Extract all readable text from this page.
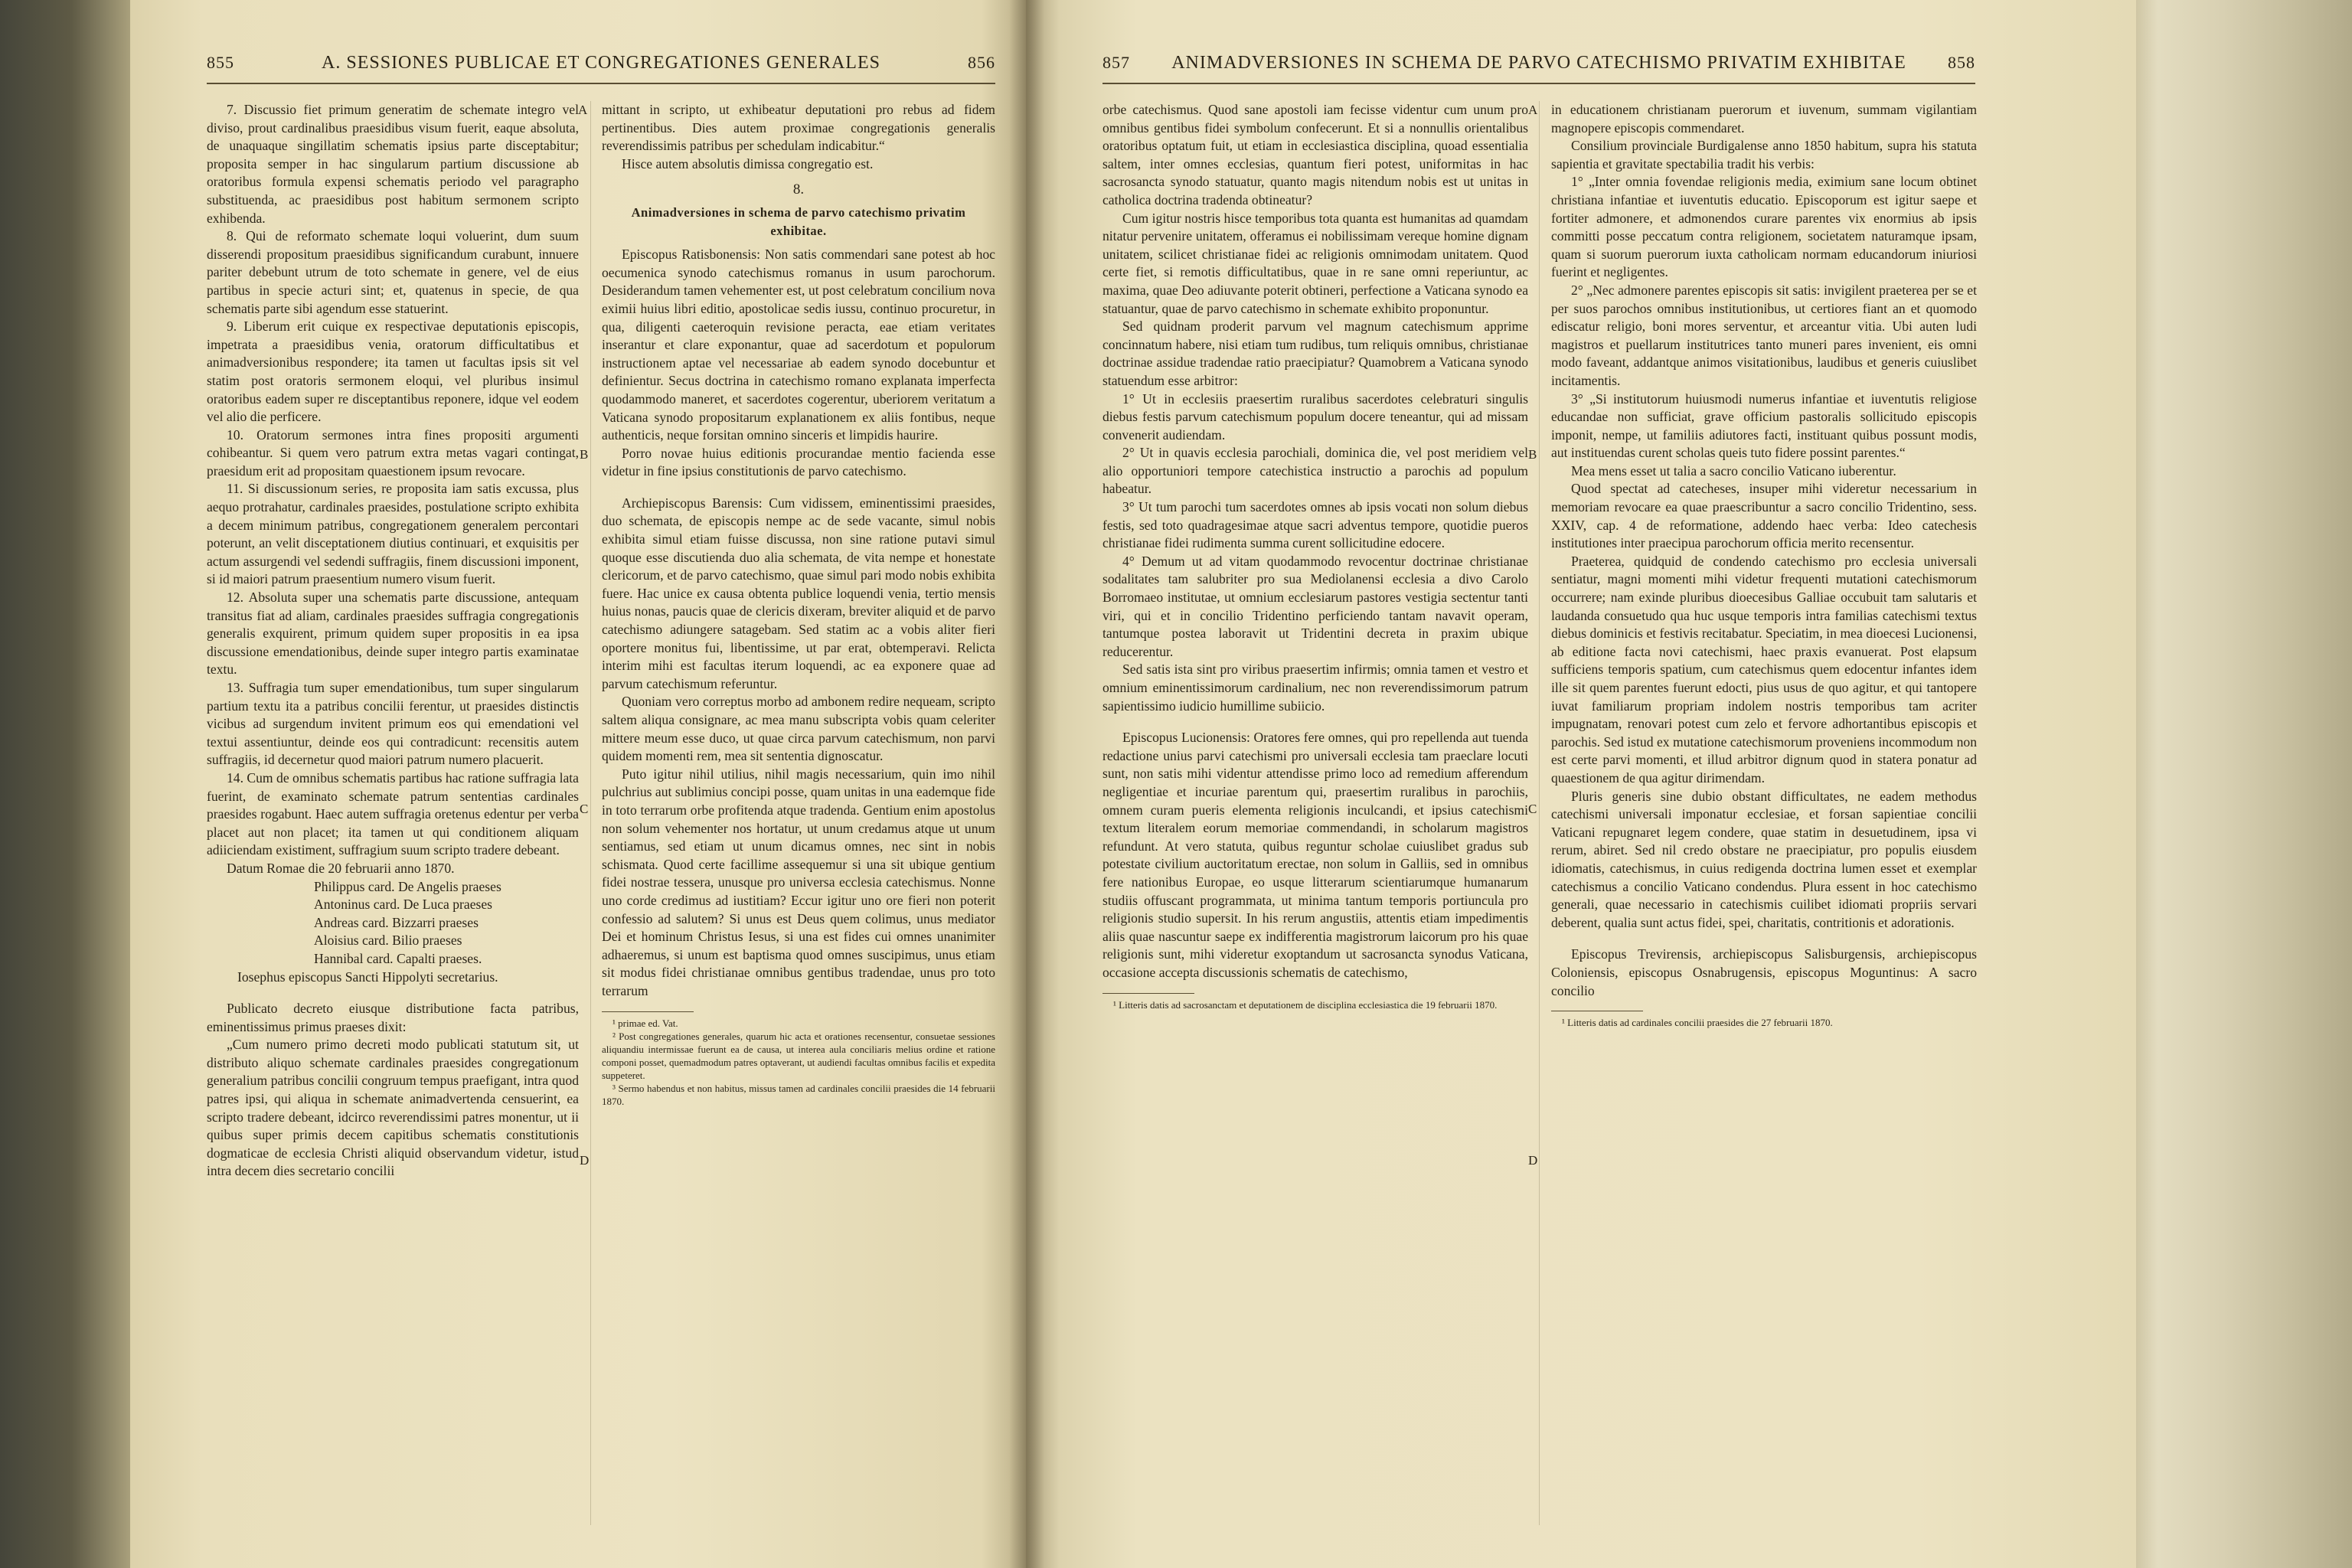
855	A. SESSIONES PUBLICAE ET CONGREGATIONES GENERALES	856

7. Discussio fiet primum generatim de schemate integro vel diviso, prout cardinalibus praesidibus visum fuerit, eaque absoluta, de unaquaque singillatim schematis ipsius parte disceptabitur; proposita semper in hac singularum partium discussione ab oratoribus formula expensi schematis periodo vel paragrapho substituenda, ac praesidibus post habitum sermonem scripto exhibenda.

8. Qui de reformato schemate loqui voluerint, dum suum disserendi propositum praesidibus significandum curabunt, innuere pariter debebunt utrum de toto schemate in genere, vel de eius partibus in specie acturi sint; et, quatenus in specie, de qua schematis parte sibi agendum esse statuerint.

9. Liberum erit cuique ex respectivae deputationis episcopis, impetrata a praesidibus venia, oratorum difficultatibus et animadversionibus respondere; ita tamen ut facultas ipsis sit vel statim post oratoris sermonem eloqui, vel pluribus insimul oratoribus eadem super re disceptantibus reponere, idque vel eodem vel alio die perficere.

10. Oratorum sermones intra fines propositi argumenti cohibeantur. Si quem vero patrum extra metas vagari contingat, praesidum erit ad propositam quaestionem ipsum revocare.

11. Si discussionum series, re proposita iam satis excussa, plus aequo protrahatur, cardinales praesides, postulatione scripto exhibita a decem minimum patribus, congregationem generalem percontari poterunt, an velit disceptationem diutius continuari, et exquisitis per actum assurgendi vel sedendi suffragiis, finem discussioni imponent, si id maiori patrum praesentium numero visum fuerit.

12. Absoluta super una schematis parte discussione, antequam transitus fiat ad aliam, cardinales praesides suffragia congregationis generalis exquirent, primum quidem super propositis in ea ipsa discussione emendationibus, deinde super integro partis examinatae textu.

13. Suffragia tum super emendationibus, tum super singularum partium textu ita a patribus concilii ferentur, ut praesides distinctis vicibus ad surgendum invitent primum eos qui emendationi vel textui assentiuntur, deinde eos qui contradicunt: recensitis autem suffragiis, id decernetur quod maiori patrum numero placuerit.

14. Cum de omnibus schematis partibus hac ratione suffragia lata fuerint, de examinato schemate patrum sententias cardinales praesides rogabunt. Haec autem suffragia oretenus edentur per verba placet aut non placet; ita tamen ut qui conditionem aliquam adiiciendam existiment, suffragium suum scripto tradere debeant.

Datum Romae die 20 februarii anno 1870.

Philippus card. De Angelis praeses

Antoninus card. De Luca praeses

Andreas card. Bizzarri praeses

Aloisius card. Bilio praeses

Hannibal card. Capalti praeses.

Iosephus episcopus Sancti Hippolyti secretarius.

Publicato decreto eiusque distributione facta patribus, eminentissimus primus praeses dixit:

„Cum numero primo decreti modo publicati statutum sit, ut distributo aliquo schemate cardinales praesides congregationum generalium patribus concilii congruum tempus praefigant, intra quod patres ipsi, qui aliqua in schemate animadvertenda censuerint, ea scripto tradere debeant, idcirco reverendissimi patres monentur, ut ii quibus super primis decem capitibus schematis constitutionis dogmaticae de ecclesia Christi aliquid observandum videtur, istud intra decem dies secretario concilii

mittant in scripto, ut exhibeatur deputationi pro rebus ad fidem pertinentibus. Dies autem proximae congregationis generalis reverendissimis patribus per schedulam indicabitur.“

Hisce autem absolutis dimissa congregatio est.

8.

Animadversiones in schema de parvo catechismo privatim exhibitae.

Episcopus Ratisbonensis: Non satis commendari sane potest ab hoc oecumenica synodo catechismus romanus in usum parochorum. Desiderandum tamen vehementer est, ut post celebratum concilium nova eximii huius libri editio, apostolicae sedis iussu, continuo procuretur, in qua, diligenti caeteroquin revisione peracta, eae etiam veritates inserantur et clare exponantur, quae ad sacerdotum et populorum instructionem aptae vel necessariae ab eadem synodo docebuntur et definientur. Secus doctrina in catechismo romano explanata imperfecta quodammodo maneret, et sacerdotes cogerentur, uberiorem veritatum a Vaticana synodo propositarum explanationem ex aliis fontibus, neque authenticis, neque forsitan omnino sinceris et limpidis haurire.

Porro novae huius editionis procurandae mentio facienda esse videtur in fine ipsius constitutionis de parvo catechismo.

Archiepiscopus Barensis: Cum vidissem, eminentissimi praesides, duo schemata, de episcopis nempe ac de sede vacante, simul nobis exhibita simul etiam fuisse discussa, non sine ratione putavi simul quoque esse discutienda duo alia schemata, de vita nempe et honestate clericorum, et de parvo catechismo, quae simul pari modo nobis exhibita fuere. Hac unice ex causa obtenta publice loquendi venia, tertio mensis huius nonas, paucis quae de clericis dixeram, breviter aliquid et de parvo catechismo adiungere satagebam. Sed statim ac a vobis aliter fieri oportere monitus fui, libentissime, ut par erat, obtemperavi. Relicta interim mihi est facultas iterum loquendi, ac ea exponere quae ad parvum catechismum referuntur.

Quoniam vero correptus morbo ad ambonem redire nequeam, scripto saltem aliqua consignare, ac mea manu subscripta vobis quam celeriter mittere meum esse duco, ut quae circa parvum catechismum, non parvi quidem momenti rem, mea sit sententia dignoscatur.

Puto igitur nihil utilius, nihil magis necessarium, quin imo nihil pulchrius aut sublimius concipi posse, quam unitas in una eademque fide in toto terrarum orbe profitenda atque tradenda. Gentium enim apostolus non solum vehementer nos hortatur, ut unum credamus atque ut unum sentiamus, sed etiam ut unum dicamus omnes, nec sint in nobis schismata. Quod certe facillime assequemur si una sit ubique gentium fidei nostrae tessera, unusque pro universa ecclesia catechismus. Nonne uno corde credimus ad iustitiam? Eccur igitur uno ore fieri non poterit confessio ad salutem? Si unus est Deus quem colimus, unus mediator Dei et hominum Christus Iesus, si una est fides cui omnes unanimiter adhaeremus, si unum est baptisma quod omnes suscipimus, unus etiam sit modus fidei christianae omnibus gentibus tradendae, unus pro toto terrarum

¹ primae ed. Vat.

² Post congregationes generales, quarum hic acta et orationes recensentur, consuetae sessiones aliquandiu intermissae fuerunt ea de causa, ut interea aula conciliaris melius ordine et ratione componi posset, quemadmodum patres optaverant, ut audiendi facultas omnibus facilis et expedita suppeteret.

³ Sermo habendus et non habitus, missus tamen ad cardinales concilii praesides die 14 februarii 1870.

A
B
C
D
857 ANIMADVERSIONES IN SCHEMA DE PARVO CATECHISMO PRIVATIM EXHIBITAE 858

orbe catechismus. Quod sane apostoli iam fecisse videntur cum unum pro omnibus gentibus fidei symbolum confecerunt. Et si a nonnullis orientalibus oratoribus optatum fuit, ut etiam in ecclesiastica disciplina, quoad essentialia saltem, inter omnes ecclesias, quantum fieri potest, uniformitas in hac sacrosancta synodo statuatur, quanto magis nitendum nobis est ut unitas in catholica doctrina tradenda obtineatur?

Cum igitur nostris hisce temporibus tota quanta est humanitas ad quamdam nitatur pervenire unitatem, offeramus ei nobilissimam vereque homine dignam unitatem, scilicet christianae fidei ac religionis omnimodam unitatem. Quod certe fiet, si remotis difficultatibus, quae in re sane omni reperiuntur, ac maxima, quae Deo adiuvante poterit obtineri, perfectione a Vaticana synodo ea statuantur, quae de parvo catechismo in schemate exhibito proponuntur.

Sed quidnam proderit parvum vel magnum catechismum apprime concinnatum habere, nisi etiam tum rudibus, tum reliquis omnibus, christianae doctrinae assidue tradendae ratio praecipiatur? Quamobrem a Vaticana synodo statuendum esse arbitror:

1° Ut in ecclesiis praesertim ruralibus sacerdotes celebraturi singulis diebus festis parvum catechismum populum docere teneantur, qui ad missam convenerit audiendam.

2° Ut in quavis ecclesia parochiali, dominica die, vel post meridiem vel alio opportuniori tempore catechistica instructio a parochis ad populum habeatur.

3° Ut tum parochi tum sacerdotes omnes ab ipsis vocati non solum diebus festis, sed toto quadragesimae atque sacri adventus tempore, quotidie pueros christianae fidei rudimenta summa curent sollicitudine edocere.

4° Demum ut ad vitam quodammodo revocentur doctrinae christianae sodalitates tam salubriter pro sua Mediolanensi ecclesia a divo Carolo Borromaeo institutae, ut omnium ecclesiarum pastores vestigia sectentur tanti viri, qui et in concilio Tridentino perficiendo tantam navavit operam, tantumque postea laboravit ut Tridentini decreta in praxim ubique reducerentur.

Sed satis ista sint pro viribus praesertim infirmis; omnia tamen et vestro et omnium eminentissimorum cardinalium, nec non reverendissimorum patrum sapientissimo iudicio humillime subiicio.

Episcopus Lucionensis: Oratores fere omnes, qui pro repellenda aut tuenda redactione unius parvi catechismi pro universali ecclesia tam praeclare locuti sunt, non satis mihi videntur attendisse primo loco ad remedium afferendum negligentiae et incuriae parentum qui, praesertim ruralibus in parochiis, omnem curam pueris elementa religionis inculcandi, et ipsius catechismi textum literalem eorum memoriae commendandi, in scholarum magistros refundunt. At vero statuta, quibus reguntur scholae cuiuslibet gradus sub potestate civilium auctoritatum erectae, non solum in Galliis, sed in omnibus fere nationibus Europae, eo usque litterarum scientiarumque humanarum studiis offuscant programmata, ut minima tantum temporis portiuncula pro religionis studio supersit. In his rerum angustiis, attentis etiam impedimentis aliis quae nascuntur saepe ex indifferentia magistrorum laicorum pro his quae religionis sunt, mihi videretur exoptandum ut sacrosancta synodus Vaticana, occasione accepta discussionis schematis de catechismo,

¹ Litteris datis ad sacrosanctam et deputationem de disciplina ecclesiastica die 19 februarii 1870.

in educationem christianam puerorum et iuvenum, summam vigilantiam magnopere episcopis commendaret.

Consilium provinciale Burdigalense anno 1850 habitum, supra his statuta sapientia et gravitate spectabilia tradit his verbis:

1° „Inter omnia fovendae religionis media, eximium sane locum obtinet christiana infantiae et iuventutis educatio. Episcoporum est igitur saepe et fortiter admonere, et admonendos curare parentes vix enormius ab ipsis committi posse peccatum contra religionem, societatem naturamque ipsam, quam si suorum puerorum iuxta catholicam normam educandorum iniuriosi fuerint et negligentes.

2° „Nec admonere parentes episcopis sit satis: invigilent praeterea per se et per suos parochos omnibus institutionibus, ut certiores fiant an et quomodo ediscatur religio, boni mores serventur, et arceantur vitia. Ubi auten ludi magistros et puellarum institutrices tanto muneri pares invenient, eis omni modo faveant, addantque animos visitationibus, laudibus et generis cuiuslibet incitamentis.

3° „Si institutorum huiusmodi numerus infantiae et iuventutis religiose educandae non sufficiat, grave officium pastoralis sollicitudo episcopis imponit, nempe, ut familiis adiutores facti, instituant quibus possunt modis, aut instituendas curent scholas queis tuto fidere possint parentes.“

Mea mens esset ut talia a sacro concilio Vaticano iuberentur.

Quod spectat ad catecheses, insuper mihi videretur necessarium in memoriam revocare ea quae praescribuntur a sacro concilio Tridentino, sess. XXIV, cap. 4 de reformatione, addendo haec verba: Ideo catechesis institutiones inter praecipua parochorum officia merito recensentur.

Praeterea, quidquid de condendo catechismo pro ecclesia universali sentiatur, magni momenti mihi videtur frequenti mutationi catechismorum occurrere; nam exinde pluribus dioecesibus Galliae occubuit tam salutaris et laudanda consuetudo qua huc usque temporis intra familias catechismi textus diebus dominicis et festivis recitabatur. Speciatim, in mea dioecesi Lucionensi, ab editione facta novi catechismi, haec praxis evanuerat. Post elapsum sufficiens temporis spatium, cum catechismus quem edocentur infantes idem ille sit quem parentes fuerunt edocti, pius usus de quo agitur, et qui tantopere iuvat familiarum propriam indolem nostris temporibus tam acriter impugnatam, renovari potest cum zelo et fervore adhortantibus episcopis et parochis. Sed istud ex mutatione catechismorum proveniens incommodum non est certe parvi momenti, et illud arbitror dignum quod in statera ponatur ad quaestionem de qua agitur dirimendam.

Pluris generis sine dubio obstant difficultates, ne eadem methodus catechismi universali imponatur ecclesiae, et forsan sapientiae concilii Vaticani repugnaret legem condere, quae statim in desuetudinem, ipsa vi rerum, abiret. Sed nil credo obstare ne praecipiatur, pro populis eiusdem idiomatis, catechismus, in cuius redigenda doctrina lumen esset et exemplar catechismus a concilio Vaticano condendus. Plura essent in hoc catechismo generali, quae necessario in catechismis cuilibet idiomati propriis servari deberent, qualia sunt actus fidei, spei, charitatis, contritionis et adorationis.

Episcopus Trevirensis, archiepiscopus Salisburgensis, archiepiscopus Coloniensis, episcopus Osnabrugensis, episcopus Moguntinus: A sacro concilio

¹ Litteris datis ad cardinales concilii praesides die 27 februarii 1870.

A
B
C
D
